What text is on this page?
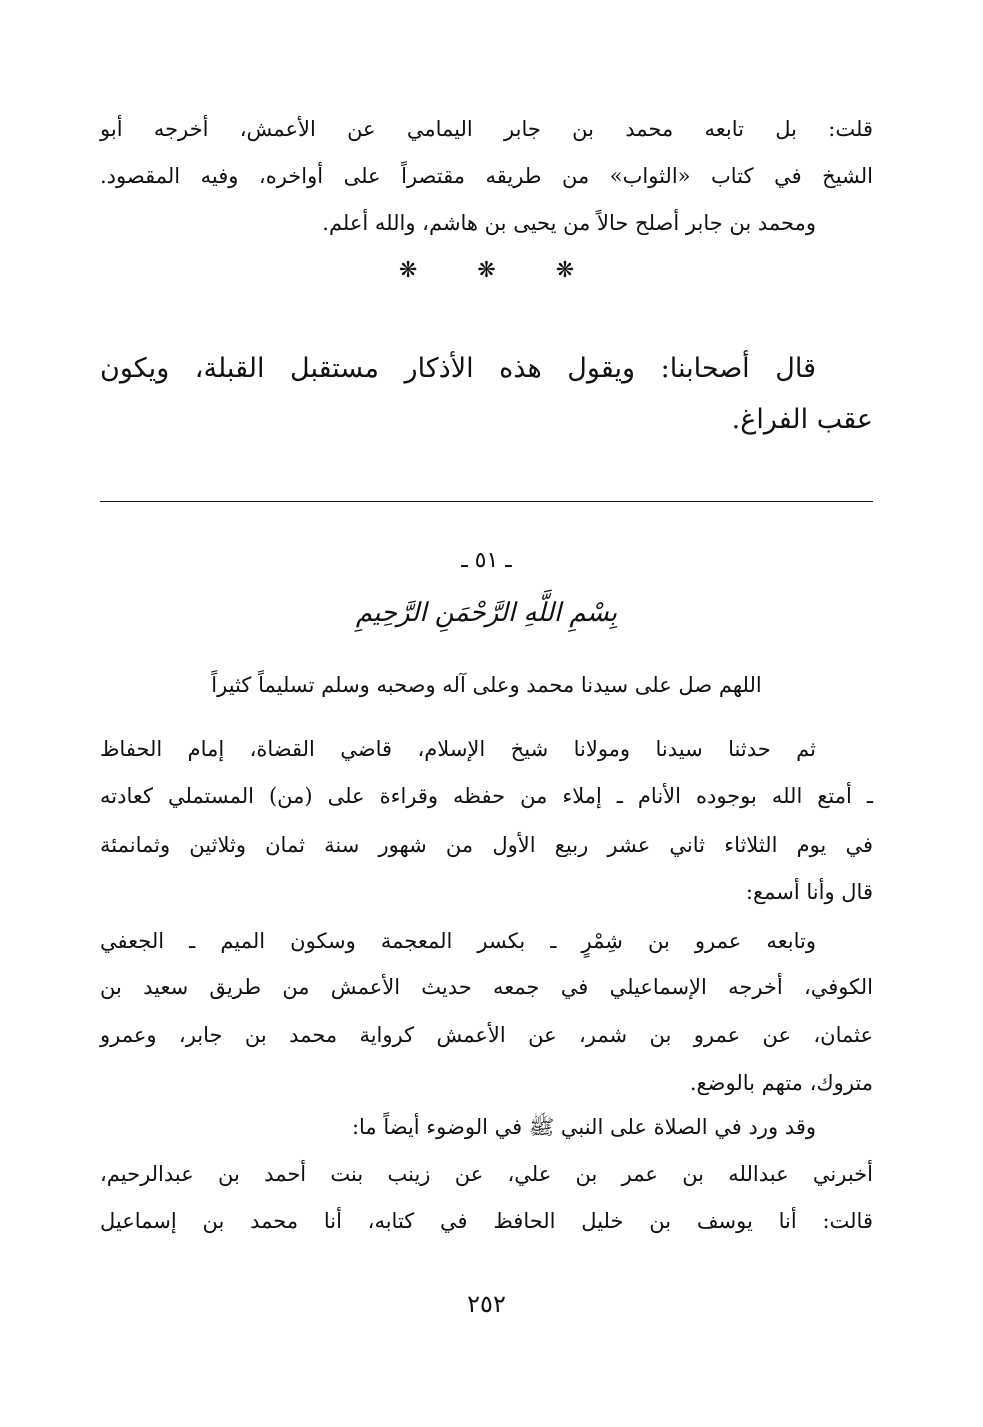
قلت: بل تابعه محمد بن جابر اليمامي عن الأعمش، أخرجه أبو
الشيخ في كتاب «الثواب» من طريقه مقتصراً على أواخره، وفيه المقصود.
ومحمد بن جابر أصلح حالاً من يحيى بن هاشم، والله أعلم.
❋	❋	❋
قال أصحابنا: ويقول هذه الأذكار مستقبل القبلة، ويكون
عقب الفراغ.
ـ ٥١ ـ
بِسْمِ اللَّهِ الرَّحْمَنِ الرَّحِيمِ
اللهم صل على سيدنا محمد وعلى آله وصحبه وسلم تسليماً كثيراً
ثم حدثنا سيدنا ومولانا شيخ الإسلام، قاضي القضاة، إمام الحفاظ
ـ أمتع الله بوجوده الأنام ـ إملاء من حفظه وقراءة على (من) المستملي كعادته
في يوم الثلاثاء ثاني عشر ربيع الأول من شهور سنة ثمان وثلاثين وثمانمئة
قال وأنا أسمع:
وتابعه عمرو بن شِمْرٍ ـ بكسر المعجمة وسكون الميم ـ الجعفي
الكوفي، أخرجه الإسماعيلي في جمعه حديث الأعمش من طريق سعيد بن
عثمان، عن عمرو بن شمر، عن الأعمش كرواية محمد بن جابر، وعمرو
متروك، متهم بالوضع.
وقد ورد في الصلاة على النبي ﷺ في الوضوء أيضاً ما:
أخبرني عبدالله بن عمر بن علي، عن زينب بنت أحمد بن عبدالرحيم،
قالت: أنا يوسف بن خليل الحافظ في كتابه، أنا محمد بن إسماعيل
٢٥٢
